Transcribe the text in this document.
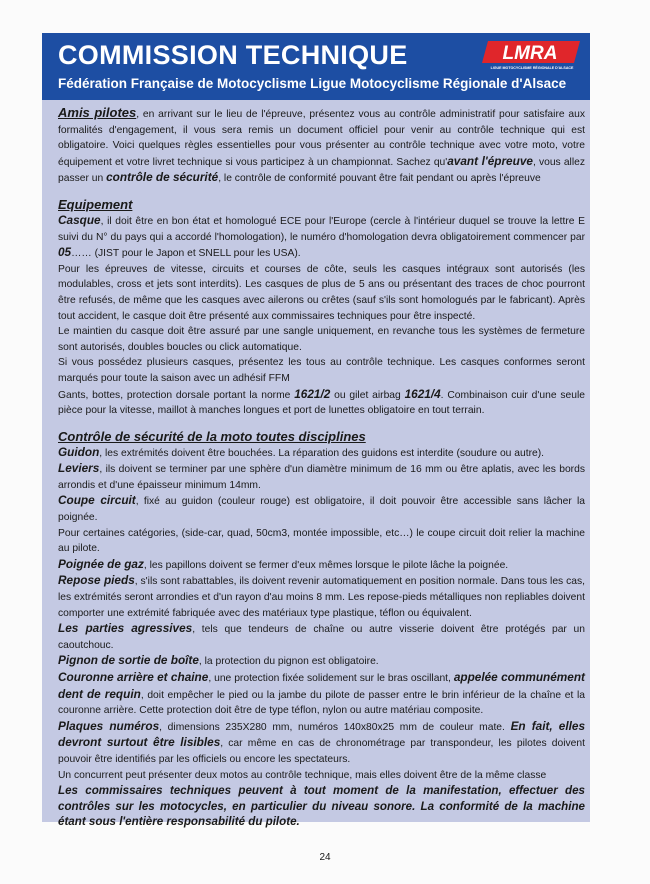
COMMISSION TECHNIQUE
Fédération Française de Motocyclisme Ligue Motocyclisme Régionale d'Alsace
LMRA
LIGUE MOTOCYCLISME RÉGIONALE D'ALSACE

Amis pilotes, en arrivant sur le lieu de l'épreuve, présentez vous au contrôle administratif pour satisfaire aux formalités d'engagement, il vous sera remis un document officiel pour venir au contrôle technique qui est obligatoire. Voici quelques règles essentielles pour vous présenter au contrôle technique avec votre moto, votre équipement et votre livret technique si vous participez à un championnat. Sachez qu'avant l'épreuve, vous allez passer un contrôle de sécurité, le contrôle de conformité pouvant être fait pendant ou après l'épreuve

Equipement

Casque, il doit être en bon état et homologué ECE pour l'Europe (cercle à l'intérieur duquel se trouve la lettre E suivi du N° du pays qui a accordé l'homologation), le numéro d'homologation devra obligatoirement commencer par 05…… (JIST pour le Japon et SNELL pour les USA).

Pour les épreuves de vitesse, circuits et courses de côte, seuls les casques intégraux sont autorisés (les modulables, cross et jets sont interdits). Les casques de plus de 5 ans ou présentant des traces de choc pourront être refusés, de même que les casques avec ailerons ou crêtes (sauf s'ils sont homologués par le fabricant). Après tout accident, le casque doit être présenté aux commissaires techniques pour être inspecté.

Le maintien du casque doit être assuré par une sangle uniquement, en revanche tous les systèmes de fermeture sont autorisés, doubles boucles ou click automatique.

Si vous possédez plusieurs casques, présentez les tous au contrôle technique. Les casques conformes seront marqués pour toute la saison avec un adhésif FFM

Gants, bottes, protection dorsale portant la norme 1621/2 ou gilet airbag 1621/4. Combinaison cuir d'une seule pièce pour la vitesse, maillot à manches longues et port de lunettes obligatoire en tout terrain.

Contrôle de sécurité de la moto toutes disciplines

Guidon, les extrémités doivent être bouchées. La réparation des guidons est interdite (soudure ou autre).

Leviers, ils doivent se terminer par une sphère d'un diamètre minimum de 16 mm ou être aplatis, avec les bords arrondis et d'une épaisseur minimum 14mm.

Coupe circuit, fixé au guidon (couleur rouge) est obligatoire, il doit pouvoir être accessible sans lâcher la poignée.

Pour certaines catégories, (side-car, quad, 50cm3, montée impossible, etc…) le coupe circuit doit relier la machine au pilote.

Poignée de gaz, les papillons doivent se fermer d'eux mêmes lorsque le pilote lâche la poignée.

Repose pieds, s'ils sont rabattables, ils doivent revenir automatiquement en position normale. Dans tous les cas, les extrémités seront arrondies et d'un rayon d'au moins 8 mm. Les repose-pieds métalliques non repliables doivent comporter une extrémité fabriquée avec des matériaux type plastique, téflon ou équivalent.

Les parties agressives, tels que tendeurs de chaîne ou autre visserie doivent être protégés par un caoutchouc.

Pignon de sortie de boîte, la protection du pignon est obligatoire.

Couronne arrière et chaine, une protection fixée solidement sur le bras oscillant, appelée communément dent de requin, doit empêcher le pied ou la jambe du pilote de passer entre le brin inférieur de la chaîne et la couronne arrière. Cette protection doit être de type téflon, nylon ou autre matériau composite.

Plaques numéros, dimensions 235X280 mm, numéros 140x80x25 mm de couleur mate. En fait, elles devront surtout être lisibles, car même en cas de chronométrage par transpondeur, les pilotes doivent pouvoir être identifiés par les officiels ou encore les spectateurs.

Un concurrent peut présenter deux motos au contrôle technique, mais elles doivent être de la même classe

Les commissaires techniques peuvent à tout moment de la manifestation, effectuer des contrôles sur les motocycles, en particulier du niveau sonore. La conformité de la machine étant sous l'entière responsabilité du pilote.

24
